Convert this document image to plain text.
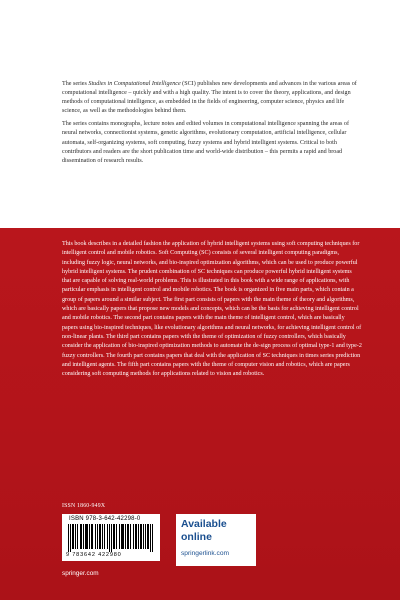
The series Studies in Computational Intelligence (SCI) publishes new developments and advances in the various areas of computational intelligence – quickly and with a high quality. The intent is to cover the theory, applications, and design methods of computational intelligence, as embedded in the fields of engineering, computer science, physics and life science, as well as the methodologies behind them.

The series contains monographs, lecture notes and edited volumes in computational intelligence spanning the areas of neural networks, connectionist systems, genetic algorithms, evolutionary computation, artificial intelligence, cellular automata, self-organizing systems, soft computing, fuzzy systems and hybrid intelligent systems. Critical to both contributors and readers are the short publication time and world-wide distribution – this permits a rapid and broad dissemination of research results.

This book describes in a detailed fashion the application of hybrid intelligent systems using soft computing techniques for intelligent control and mobile robotics. Soft Computing (SC) consists of several intelligent computing paradigms, including fuzzy logic, neural networks, and bio-inspired optimization algorithms, which can be used to produce powerful hybrid intelligent systems. The prudent combination of SC techniques can produce powerful hybrid intelligent systems that are capable of solving real-world problems. This is illustrated in this book with a wide range of applications, with particular emphasis in intelligent control and mobile robotics. The book is organized in five main parts, which contain a group of papers around a similar subject. The first part consists of papers with the main theme of theory and algorithms, which are basically papers that propose new models and concepts, which can be the basis for achieving intelligent control and mobile robotics. The second part contains papers with the main theme of intelligent control, which are basically papers using bio-inspired techniques, like evolutionary algorithms and neural networks, for achieving intelligent control of non-linear plants. The third part contains papers with the theme of optimization of fuzzy controllers, which basically consider the application of bio-inspired optimization methods to automate the de-sign process of optimal type-1 and type-2 fuzzy controllers. The fourth part contains papers that deal with the application of SC techniques in times series prediction and intelligent agents. The fifth part contains papers with the theme of computer vision and robotics, which are papers considering soft computing methods for applications related to vision and robotics.
ISSN 1860-949X
ISBN 978-3-642-42298-0
9 783642 422980
springer.com
Available
online
springerlink.com
